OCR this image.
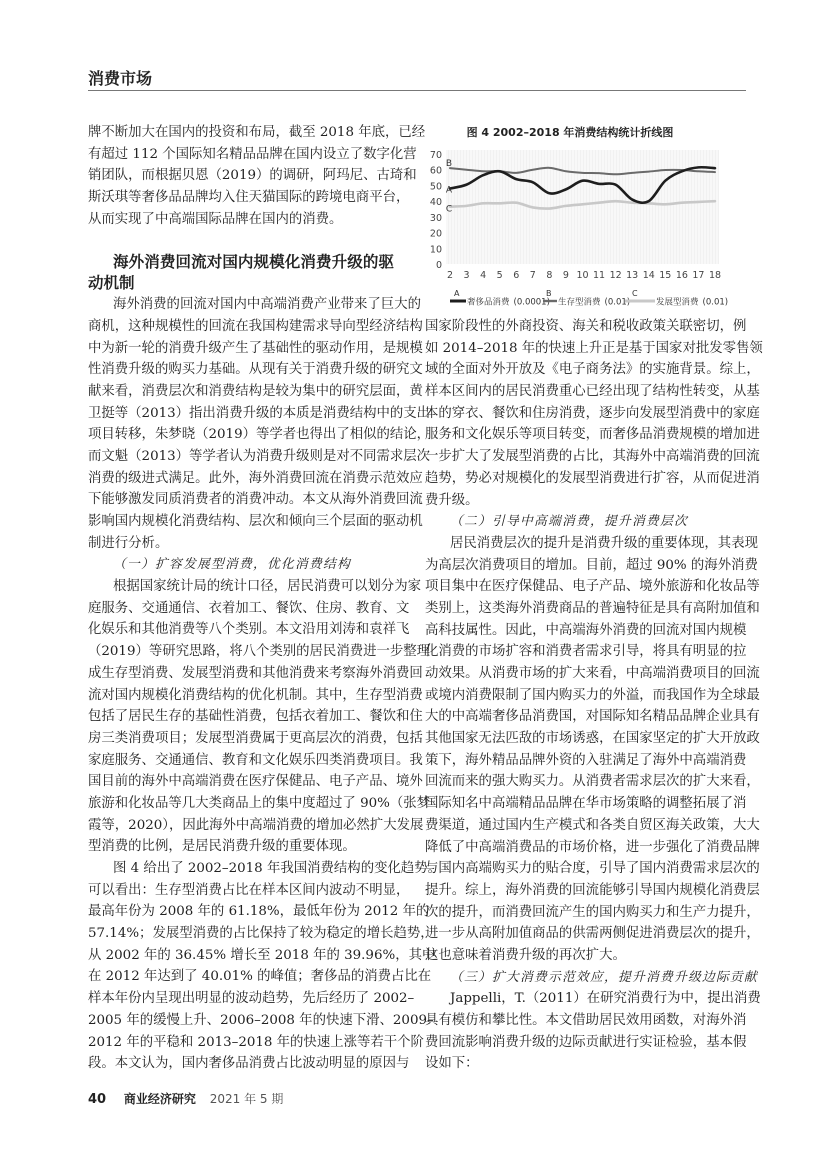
消费市场
牌不断加大在国内的投资和布局，截至 2018 年底，已经
有超过 112 个国际知名精品品牌在国内设立了数字化营
销团队，而根据贝恩（2019）的调研，阿玛尼、古琦和
斯沃琪等奢侈品品牌均入住天猫国际的跨境电商平台，
从而实现了中高端国际品牌在国内的消费。
海外消费回流对国内规模化消费升级的驱
动机制
海外消费的回流对国内中高端消费产业带来了巨大的
商机，这种规模性的回流在我国构建需求导向型经济结构
中为新一轮的消费升级产生了基础性的驱动作用，是规模
性消费升级的购买力基础。从现有关于消费升级的研究文
献来看，消费层次和消费结构是较为集中的研究层面，黄
卫挺等（2013）指出消费升级的本质是消费结构中的支出
项目转移，朱梦晓（2019）等学者也得出了相似的结论，
而文魁（2013）等学者认为消费升级则是对不同需求层次
消费的级进式满足。此外，海外消费回流在消费示范效应
下能够激发同质消费者的消费冲动。本文从海外消费回流
影响国内规模化消费结构、层次和倾向三个层面的驱动机
制进行分析。
（一）扩容发展型消费，优化消费结构
根据国家统计局的统计口径，居民消费可以划分为家
庭服务、交通通信、衣着加工、餐饮、住房、教育、文
化娱乐和其他消费等八个类别。本文沿用刘涛和袁祥飞
（2019）等研究思路，将八个类别的居民消费进一步整理
成生存型消费、发展型消费和其他消费来考察海外消费回
流对国内规模化消费结构的优化机制。其中，生存型消费
包括了居民生存的基础性消费，包括衣着加工、餐饮和住
房三类消费项目；发展型消费属于更高层次的消费，包括
家庭服务、交通通信、教育和文化娱乐四类消费项目。我
国目前的海外中高端消费在医疗保健品、电子产品、境外
旅游和化妆品等几大类商品上的集中度超过了 90%（张梦
霞等，2020），因此海外中高端消费的增加必然扩大发展
型消费的比例，是居民消费升级的重要体现。
图 4 给出了 2002–2018 年我国消费结构的变化趋势。
可以看出：生存型消费占比在样本区间内波动不明显，
最高年份为 2008 年的 61.18%，最低年份为 2012 年的
57.14%；发展型消费的占比保持了较为稳定的增长趋势，
从 2002 年的 36.45% 增长至 2018 年的 39.96%，其中
在 2012 年达到了 40.01% 的峰值；奢侈品的消费占比在
样本年份内呈现出明显的波动趋势，先后经历了 2002–
2005 年的缓慢上升、2006–2008 年的快速下滑、2009–
2012 年的平稳和 2013–2018 年的快速上涨等若干个阶
段。本文认为，国内奢侈品消费占比波动明显的原因与
国家阶段性的外商投资、海关和税收政策关联密切，例
如 2014–2018 年的快速上升正是基于国家对批发零售领
域的全面对外开放及《电子商务法》的实施背景。综上，
样本区间内的居民消费重心已经出现了结构性转变，从基
本的穿衣、餐饮和住房消费，逐步向发展型消费中的家庭
服务和文化娱乐等项目转变，而奢侈品消费规模的增加进
一步扩大了发展型消费的占比，其海外中高端消费的回流
趋势，势必对规模化的发展型消费进行扩容，从而促进消
费升级。
（二）引导中高端消费，提升消费层次
居民消费层次的提升是消费升级的重要体现，其表现
为高层次消费项目的增加。目前，超过 90% 的海外消费
项目集中在医疗保健品、电子产品、境外旅游和化妆品等
类别上，这类海外消费商品的普遍特征是具有高附加值和
高科技属性。因此，中高端海外消费的回流对国内规模
化消费的市场扩容和消费者需求引导，将具有明显的拉
动效果。从消费市场的扩大来看，中高端消费项目的回流
或境内消费限制了国内购买力的外溢，而我国作为全球最
大的中高端奢侈品消费国，对国际知名精品品牌企业具有
其他国家无法匹敌的市场诱惑，在国家坚定的扩大开放政
策下，海外精品品牌外资的入驻满足了海外中高端消费
回流而来的强大购买力。从消费者需求层次的扩大来看，
国际知名中高端精品品牌在华市场策略的调整拓展了消
费渠道，通过国内生产模式和各类自贸区海关政策，大大
降低了中高端消费品的市场价格，进一步强化了消费品牌
与国内高端购买力的贴合度，引导了国内消费需求层次的
提升。综上，海外消费的回流能够引导国内规模化消费层
次的提升，而消费回流产生的国内购买力和生产力提升，
进一步从高附加值商品的供需两侧促进消费层次的提升，
这也意味着消费升级的再次扩大。
（三）扩大消费示范效应，提升消费升级边际贡献
Jappelli，T.（2011）在研究消费行为中，提出消费
具有模仿和攀比性。本文借助居民效用函数，对海外消
费回流影响消费升级的边际贡献进行实证检验，基本假
设如下：
图 4 2002–2018 年消费结构统计折线图
0
10
20
30
40
50
60
70
2 3 4 5 6 7 8 9 10 11 12 13 14 15 16 17 18
C
B
A
A
奢侈品消费 (0.0001)
B
生存型消费 (0.01)
C
发展型消费 (0.01)
40 商业经济研究 2021 年 5 期
